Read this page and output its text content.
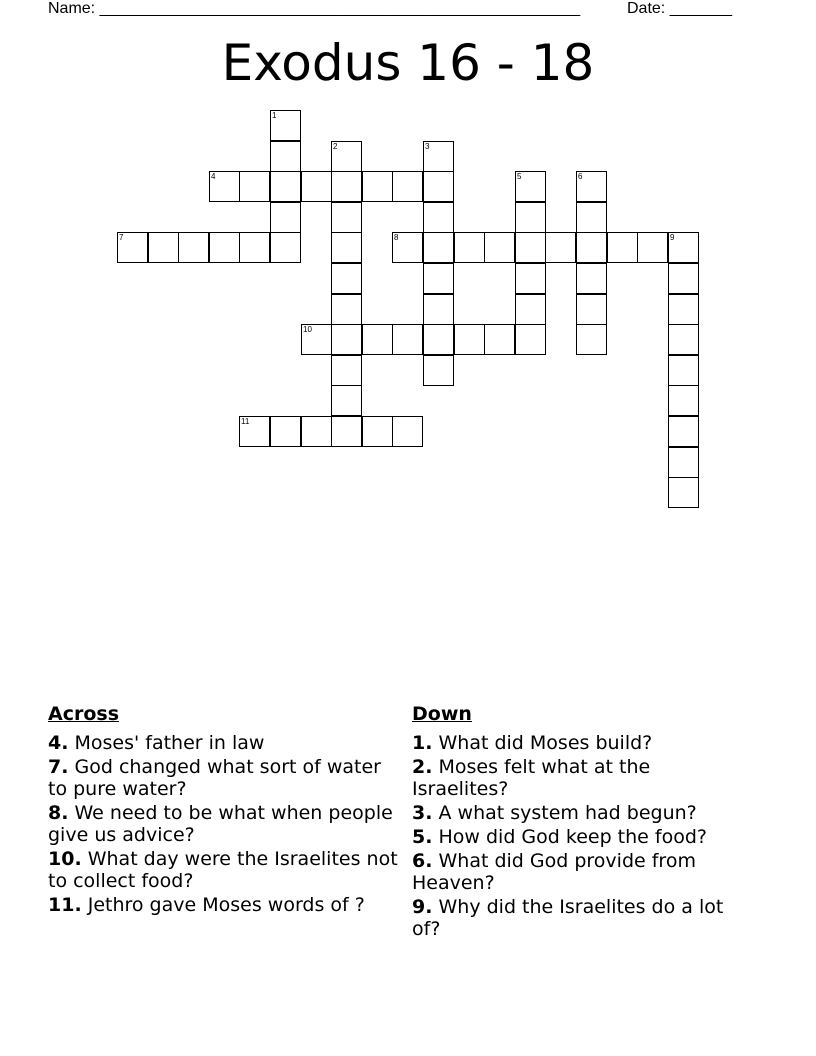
Name: ______________________________________________________	Date: _______
Exodus 16 - 18
4
7	8	9
10
11
1
2	3
5	6
Across
4. Moses' father in law
7. God changed what sort of water to pure water?
8. We need to be what when people give us advice?
10. What day were the Israelites not to collect food?
11. Jethro gave Moses words of ?
Down
1. What did Moses build?
2. Moses felt what at the Israelites?
3. A what system had begun?
5. How did God keep the food?
6. What did God provide from Heaven?
9. Why did the Israelites do a lot of?
